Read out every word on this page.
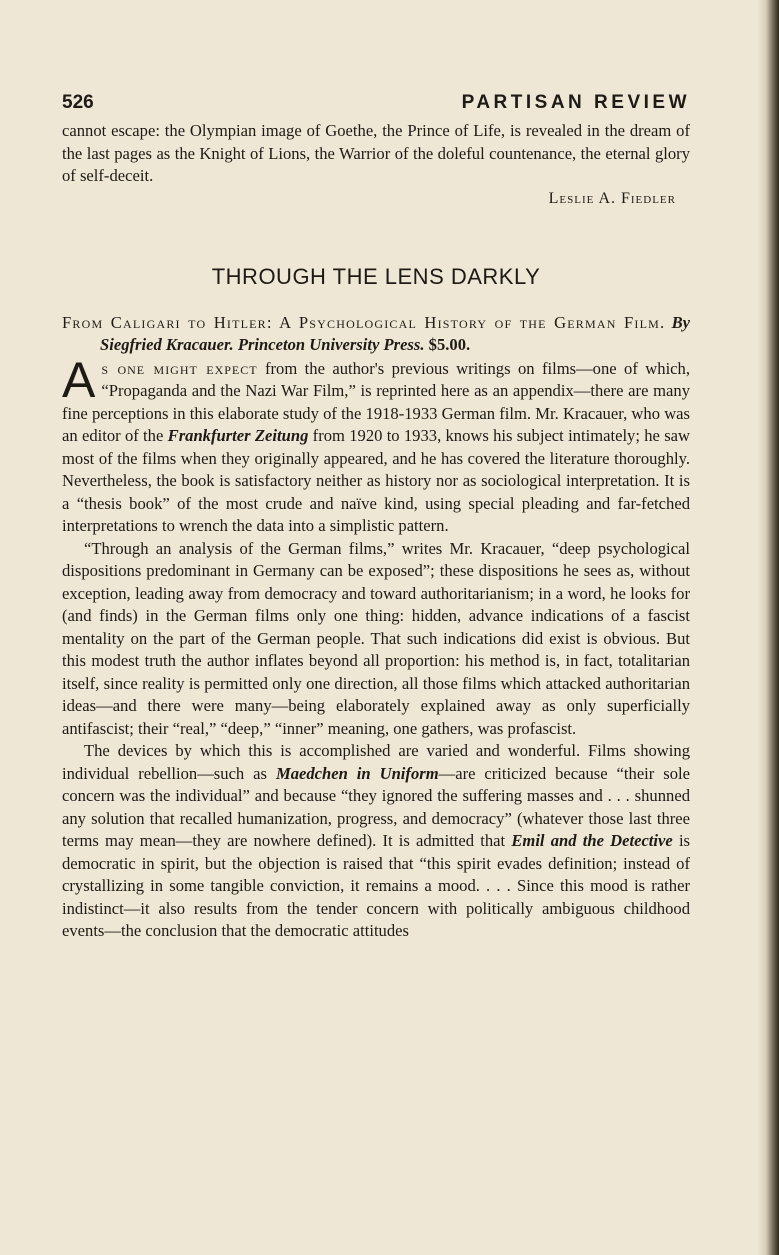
526	PARTISAN REVIEW

cannot escape: the Olympian image of Goethe, the Prince of Life, is revealed in the dream of the last pages as the Knight of Lions, the Warrior of the doleful countenance, the eternal glory of self-deceit.

Leslie A. Fiedler
THROUGH THE LENS DARKLY

From Caligari to Hitler: A Psychological History of the German Film. By Siegfried Kracauer. Princeton University Press. $5.00.

As one might expect from the author's previous writings on films—one of which, “Propaganda and the Nazi War Film,” is reprinted here as an appendix—there are many fine perceptions in this elaborate study of the 1918-1933 German film. Mr. Kracauer, who was an editor of the Frankfurter Zeitung from 1920 to 1933, knows his subject intimately; he saw most of the films when they originally appeared, and he has covered the literature thoroughly. Nevertheless, the book is satisfactory neither as history nor as sociological interpretation. It is a “thesis book” of the most crude and naïve kind, using special pleading and far-fetched interpretations to wrench the data into a simplistic pattern.

“Through an analysis of the German films,” writes Mr. Kracauer, “deep psychological dispositions predominant in Germany can be exposed”; these dispositions he sees as, without exception, leading away from democracy and toward authoritarianism; in a word, he looks for (and finds) in the German films only one thing: hidden, advance indications of a fascist mentality on the part of the German people. That such indications did exist is obvious. But this modest truth the author inflates beyond all proportion: his method is, in fact, totalitarian itself, since reality is permitted only one direction, all those films which attacked authoritarian ideas—and there were many—being elaborately explained away as only superficially antifascist; their “real,” “deep,” “inner” meaning, one gathers, was profascist.

The devices by which this is accomplished are varied and wonderful. Films showing individual rebellion—such as Maedchen in Uniform—are criticized because “their sole concern was the individual” and because “they ignored the suffering masses and . . . shunned any solution that recalled humanization, progress, and democracy” (whatever those last three terms may mean—they are nowhere defined). It is admitted that Emil and the Detective is democratic in spirit, but the objection is raised that “this spirit evades definition; instead of crystallizing in some tangible conviction, it remains a mood. . . . Since this mood is rather indistinct—it also results from the tender concern with politically ambiguous childhood events—the conclusion that the democratic attitudes
